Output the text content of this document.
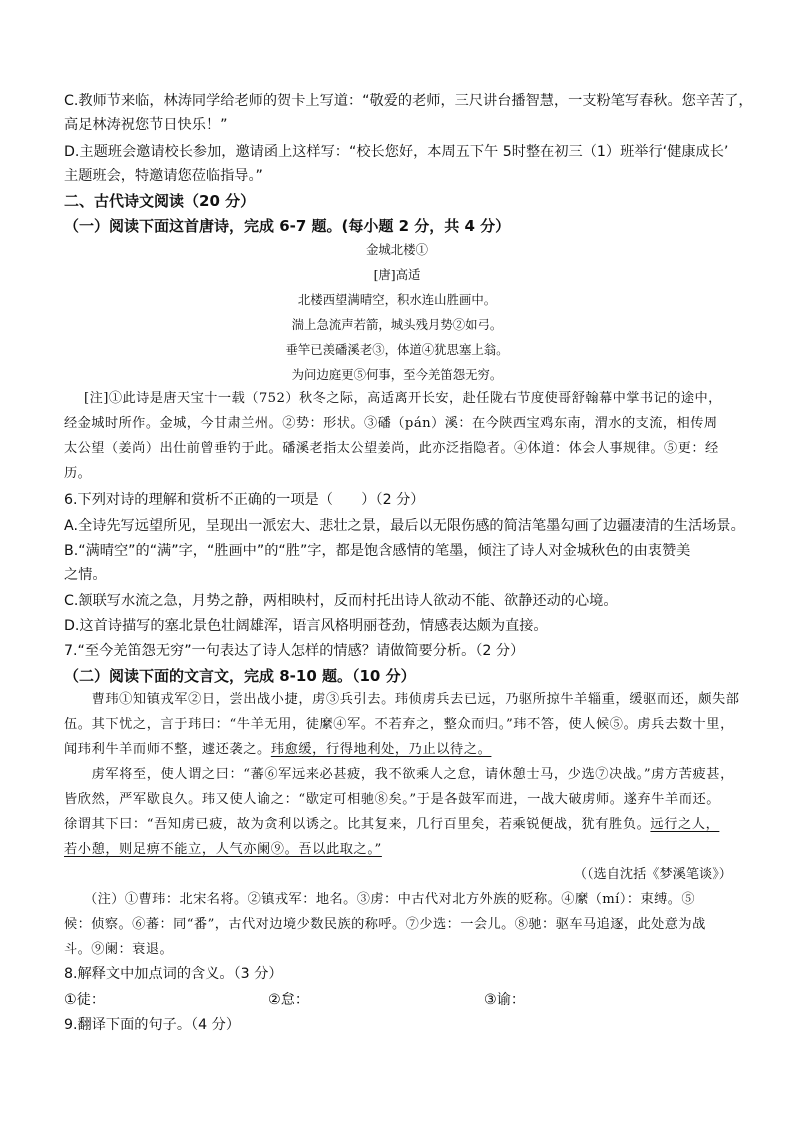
C.教师节来临，林涛同学给老师的贺卡上写道：“敬爱的老师，三尺讲台播智慧，一支粉笔写春秋。您辛苦了，
高足林涛祝您节日快乐！”
D.主题班会邀请校长参加，邀请函上这样写：“校长您好，本周五下午 5时整在初三（1）班举行‘健康成长’
主题班会，特邀请您莅临指导。”
二、古代诗文阅读（20 分）
（一）阅读下面这首唐诗，完成 6-7 题。(每小题 2 分，共 4 分）
金城北楼①
[唐]高适
北楼西望满晴空，积水连山胜画中。
湍上急流声若箭，城头残月势②如弓。
垂竿已羡磻溪老③，体道④犹思塞上翁。
为问边庭更⑤何事，至今羌笛怨无穷。
[注]①此诗是唐天宝十一载（752）秋冬之际，高适离开长安，赴任陇右节度使哥舒翰幕中掌书记的途中，
经金城时所作。金城，今甘肃兰州。②势：形状。③磻（pán）溪：在今陕西宝鸡东南，渭水的支流，相传周
太公望（姜尚）出仕前曾垂钓于此。磻溪老指太公望姜尚，此亦泛指隐者。④体道：体会人事规律。⑤更：经
历。
6.下列对诗的理解和赏析不正确的一项是（　　）（2 分）
A.全诗先写远望所见，呈现出一派宏大、悲壮之景，最后以无限伤感的简洁笔墨勾画了边疆凄清的生活场景。
B.“满晴空”的“满”字，“胜画中”的“胜”字，都是饱含感情的笔墨，倾注了诗人对金城秋色的由衷赞美
之情。
C.颔联写水流之急，月势之静，两相映村，反而村托出诗人欲动不能、欲静还动的心境。
D.这首诗描写的塞北景色壮阔雄浑，语言风格明丽苍劲，情感表达颇为直接。
7.“至今羌笛怨无穷”一句表达了诗人怎样的情感？请做简要分析。（2 分）
（二）阅读下面的文言文，完成 8-10 题。（10 分）
　　曹玮①知镇戎军②日，尝出战小捷，虏③兵引去。玮侦虏兵去已远，乃驱所掠牛羊辎重，缓驱而还，颇失部
伍。其下忧之，言于玮曰：“牛羊无用，徒縻④军。不若弃之，整众而归。”玮不答，使人候⑤。虏兵去数十里，
闻玮利牛羊而师不整，遽还袭之。玮愈缓，行得地利处，乃止以待之。
　　虏军将至，使人谓之曰：“蕃⑥军远来必甚疲，我不欲乘人之怠，请休憩士马，少选⑦决战。”虏方苦疲甚，
皆欣然，严军歇良久。玮又使人谕之：“歇定可相驰⑧矣。”于是各鼓军而进，一战大破虏师。遂弃牛羊而还。
徐谓其下曰：“吾知虏已疲，故为贪利以诱之。比其复来，几行百里矣，若乘锐便战，犹有胜负。远行之人，
若小憩，则足痹不能立，人气亦阑⑨。吾以此取之。”
（（选自沈括《梦溪笔谈》）
（注）①曹玮：北宋名将。②镇戎军：地名。③虏：中古代对北方外族的贬称。④縻（mí）：束缚。⑤
候：侦察。⑥蕃：同“番”，古代对边境少数民族的称呼。⑦少选：一会儿。⑧驰：驱车马追逐，此处意为战
斗。⑨阑：衰退。
8.解释文中加点词的含义。（3 分）
①徒：	②怠：	③谕：
9.翻译下面的句子。（4 分）
